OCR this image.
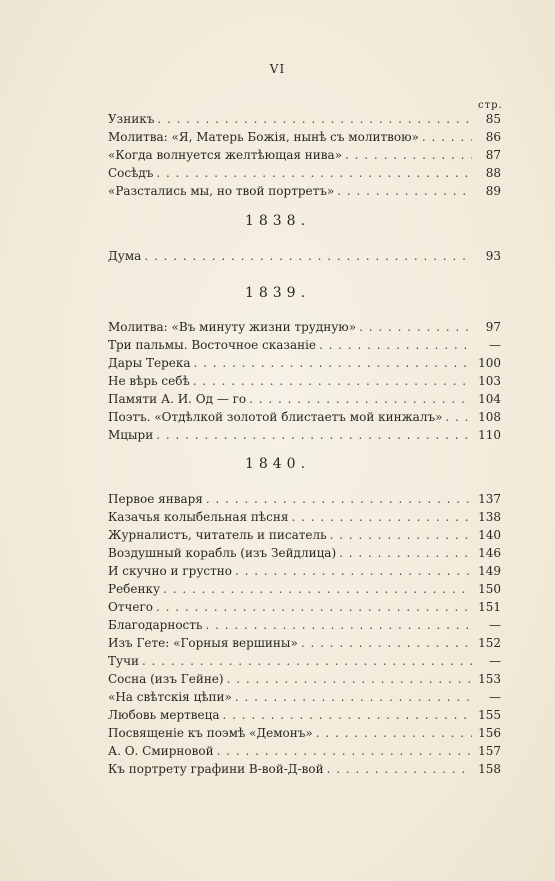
VI
стр.
Узникъ . . .	85
Молитва: «Я, Матерь Божія, нынѣ съ молитвою» . . .	86
«Когда волнуется желтѣющая нива» . . .	87
Сосѣдъ . . .	88
«Разстались мы, но твой портретъ» . . .	89
1838.
Дума . . .	93
1839.
Молитва: «Въ минуту жизни трудную» . . .	97
Три пальмы. Восточное сказаніе . . .	—
Дары Терека . . .	100
Не вѣрь себѣ . . .	103
Памяти А. И. Од — го . . .	104
Поэтъ. «Отдѣлкой золотой блистаетъ мой кинжалъ» . . .	108
Мцыри . . .	110
1840.
Первое января . . .	137
Казачья колыбельная пѣсня . . .	138
Журналистъ, читатель и писатель . . .	140
Воздушный корабль (изъ Зейдлица) . . .	146
И скучно и грустно . . .	149
Ребенку . . .	150
Отчего . . .	151
Благодарность . . .	—
Изъ Гете: «Горныя вершины» . . .	152
Тучи . . .	—
Сосна (изъ Гейне) . . .	153
«На свѣтскія цѣпи» . . .	—
Любовь мертвеца . . .	155
Посвященіе къ поэмѣ «Демонъ» . . .	156
А. О. Смирновой . . .	157
Къ портрету графини В-вой-Д-вой . . .	158
